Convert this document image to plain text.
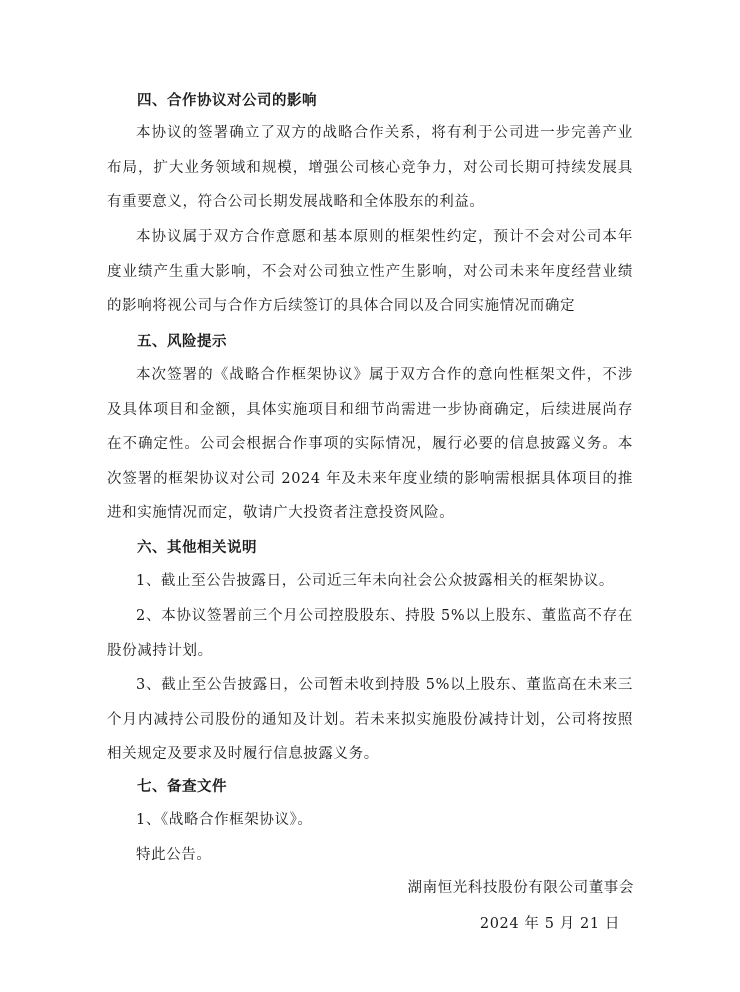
四、合作协议对公司的影响
本协议的签署确立了双方的战略合作关系，将有利于公司进一步完善产业布局，扩大业务领域和规模，增强公司核心竞争力，对公司长期可持续发展具有重要意义，符合公司长期发展战略和全体股东的利益。
本协议属于双方合作意愿和基本原则的框架性约定，预计不会对公司本年度业绩产生重大影响，不会对公司独立性产生影响，对公司未来年度经营业绩的影响将视公司与合作方后续签订的具体合同以及合同实施情况而确定
五、风险提示
本次签署的《战略合作框架协议》属于双方合作的意向性框架文件，不涉及具体项目和金额，具体实施项目和细节尚需进一步协商确定，后续进展尚存在不确定性。公司会根据合作事项的实际情况，履行必要的信息披露义务。本次签署的框架协议对公司 2024 年及未来年度业绩的影响需根据具体项目的推进和实施情况而定，敬请广大投资者注意投资风险。
六、其他相关说明
1、截止至公告披露日，公司近三年未向社会公众披露相关的框架协议。
2、本协议签署前三个月公司控股股东、持股 5%以上股东、董监高不存在股份减持计划。
3、截止至公告披露日，公司暂未收到持股 5%以上股东、董监高在未来三个月内减持公司股份的通知及计划。若未来拟实施股份减持计划，公司将按照相关规定及要求及时履行信息披露义务。
七、备查文件
1、《战略合作框架协议》。
特此公告。
湖南恒光科技股份有限公司董事会
2024 年 5 月 21 日
